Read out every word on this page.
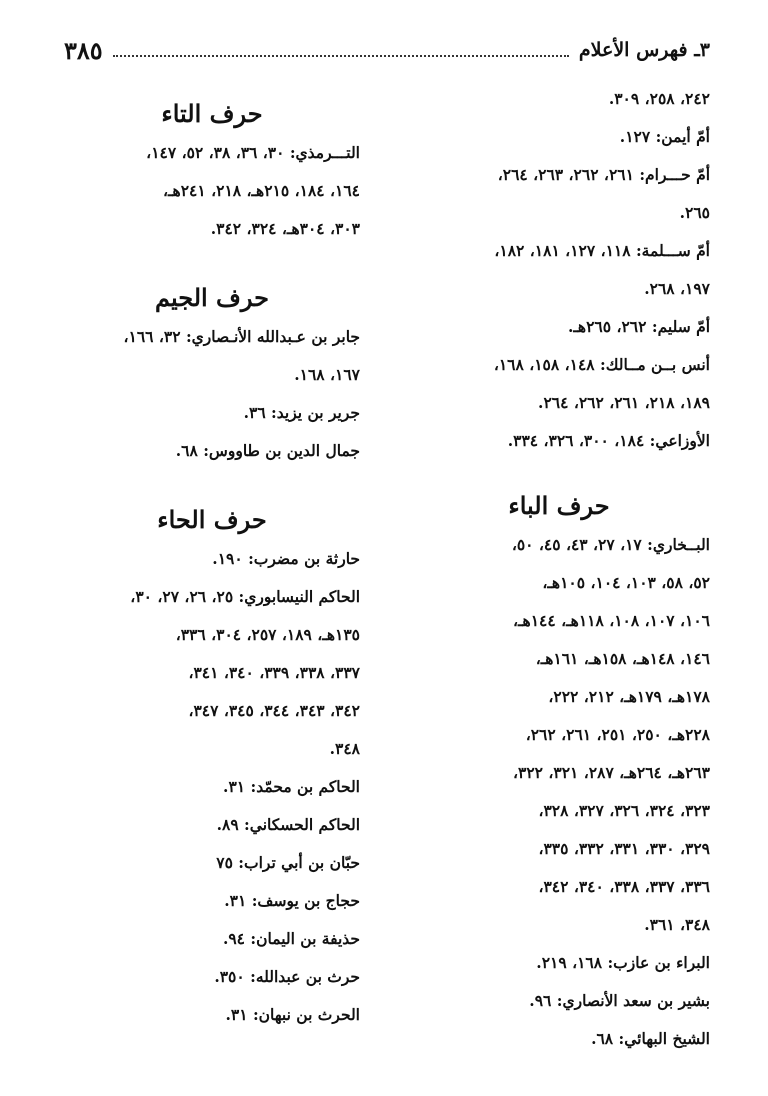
٣ـ فهرس الأعلام
٣٨٥
٢٤٢، ٢٥٨، ٣٠٩.
أمّ أيمن: ١٢٧.
أمّ حـــرام: ٢٦١، ٢٦٢، ٢٦٣، ٢٦٤،
٢٦٥.
أمّ ســـلمة: ١١٨، ١٢٧، ١٨١، ١٨٢،
١٩٧، ٢٦٨.
أمّ سليم: ٢٦٢، ٢٦٥هـ.
أنس بــن مــالك: ١٤٨، ١٥٨، ١٦٨،
١٨٩، ٢١٨، ٢٦١، ٢٦٢، ٢٦٤.
الأوزاعي: ١٨٤، ٣٠٠، ٣٢٦، ٣٣٤.
حرف الباء
البــخاري: ١٧، ٢٧، ٤٣، ٤٥، ٥٠،
٥٢، ٥٨، ١٠٣، ١٠٤، ١٠٥هـ،
١٠٦، ١٠٧، ١٠٨، ١١٨هـ، ١٤٤هـ،
١٤٦، ١٤٨هـ، ١٥٨هـ، ١٦١هـ،
١٧٨هـ، ١٧٩هـ، ٢١٢، ٢٢٢،
٢٢٨هـ، ٢٥٠، ٢٥١، ٢٦١، ٢٦٢،
٢٦٣هـ، ٢٦٤هـ، ٢٨٧، ٣٢١، ٣٢٢،
٣٢٣، ٣٢٤، ٣٢٦، ٣٢٧، ٣٢٨،
٣٢٩، ٣٣٠، ٣٣١، ٣٣٢، ٣٣٥،
٣٣٦، ٣٣٧، ٣٣٨، ٣٤٠، ٣٤٢،
٣٤٨، ٣٦١.
البراء بن عازب: ١٦٨، ٢١٩.
بشير بن سعد الأنصاري: ٩٦.
الشيخ البهائي: ٦٨.
حرف التاء
التـــرمذي: ٣٠، ٣٦، ٣٨، ٥٢، ١٤٧،
١٦٤، ١٨٤، ٢١٥هـ، ٢١٨، ٢٤١هـ،
٣٠٣، ٣٠٤هـ، ٣٢٤، ٣٤٢.
حرف الجيم
جابر بن عـبدالله الأنـصاري: ٣٢، ١٦٦،
١٦٧، ١٦٨.
جرير بن يزيد: ٣٦.
جمال الدين بن طاووس: ٦٨.
حرف الحاء
حارثة بن مضرب: ١٩٠.
الحاكم النيسابوري: ٢٥، ٢٦، ٢٧، ٣٠،
١٣٥هـ، ١٨٩، ٢٥٧، ٣٠٤، ٣٣٦،
٣٣٧، ٣٣٨، ٣٣٩، ٣٤٠، ٣٤١،
٣٤٢، ٣٤٣، ٣٤٤، ٣٤٥، ٣٤٧،
٣٤٨.
الحاكم بن محمّد: ٣١.
الحاكم الحسكاني: ٨٩.
حبّان بن أبي تراب: ٧٥
حجاج بن يوسف: ٣١.
حذيفة بن اليمان: ٩٤.
حرث بن عبدالله: ٣٥٠.
الحرث بن نبهان: ٣١.
